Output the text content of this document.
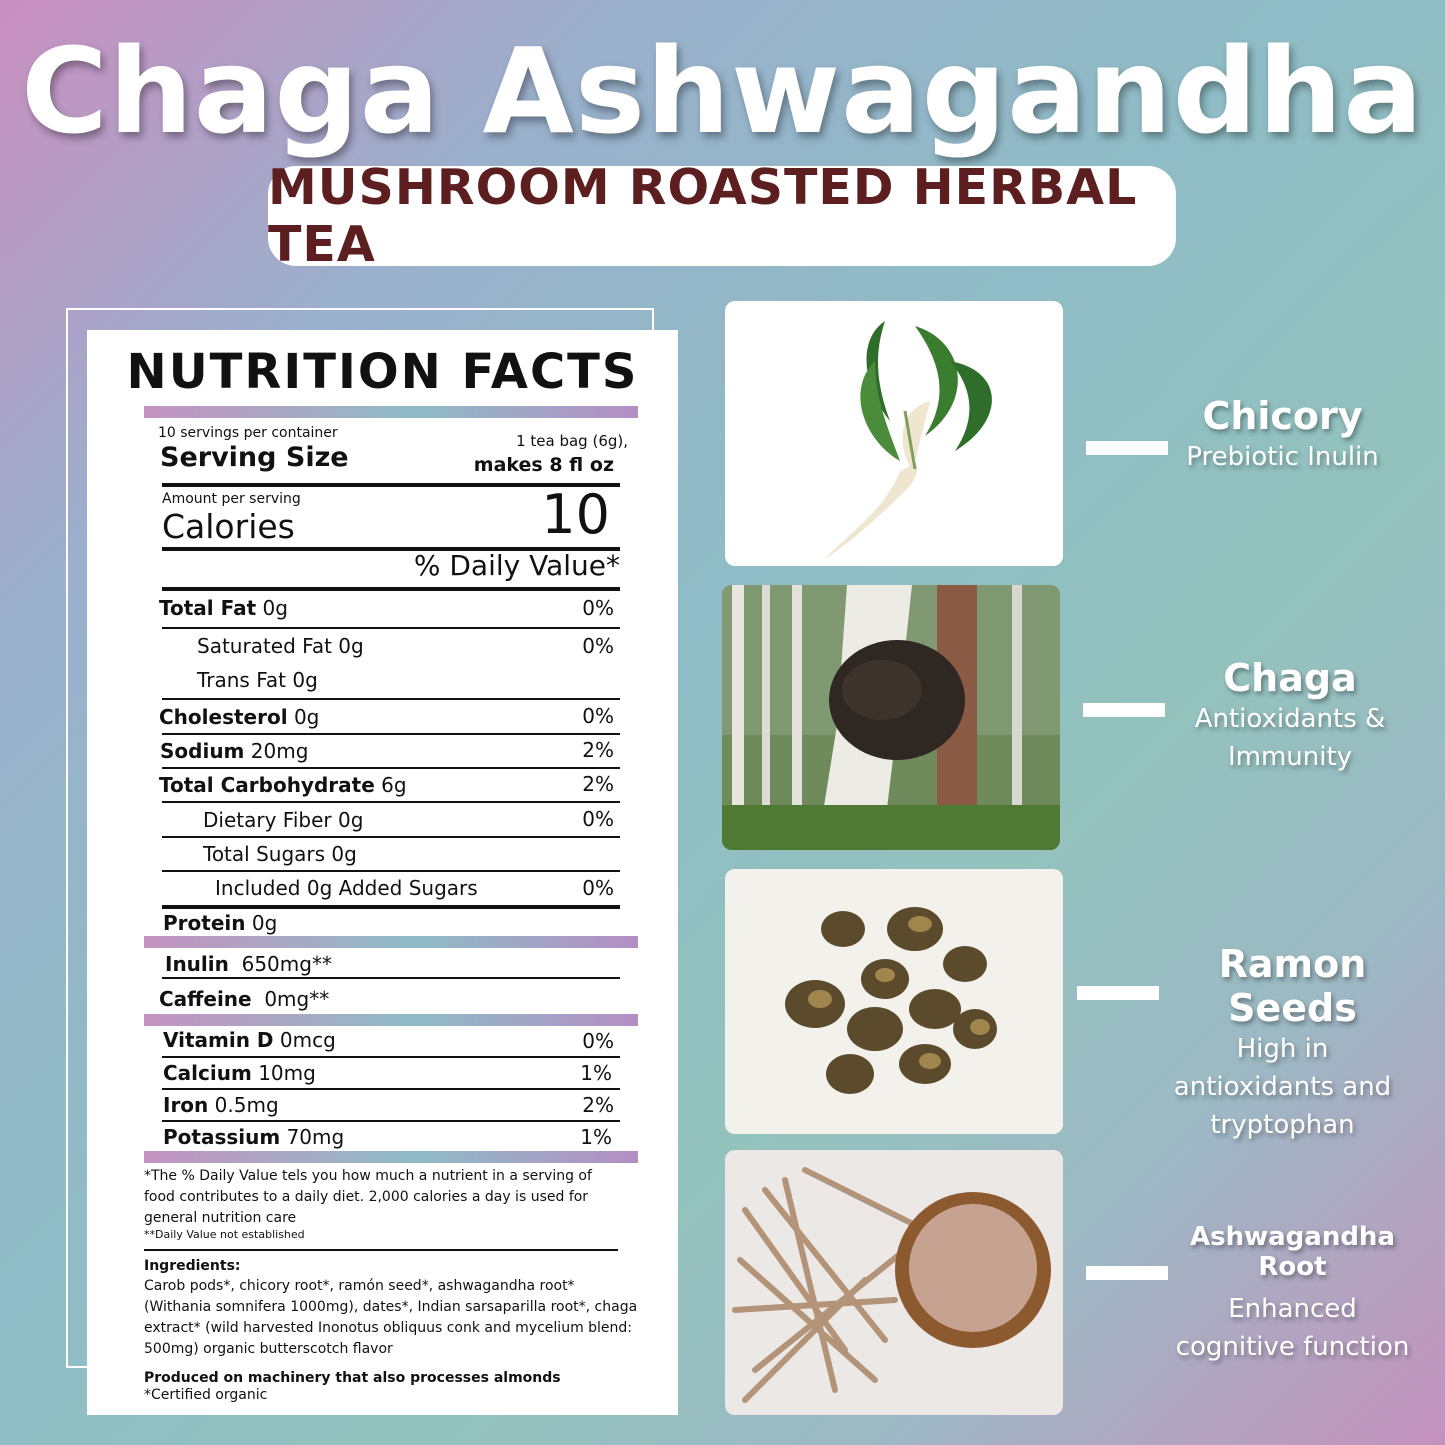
Chaga Ashwagandha
MUSHROOM ROASTED HERBAL TEA
NUTRITION FACTS
10 servings per container
Serving Size
1 tea bag (6g),
makes 8 fl oz
Amount per serving
Calories	10
% Daily Value*
Total Fat 0g	0%
Saturated Fat 0g	0%
Trans Fat 0g
Cholesterol 0g	0%
Sodium 20mg	2%
Total Carbohydrate 6g	2%
Dietary Fiber 0g	0%
Total Sugars 0g
Included 0g Added Sugars	0%
Protein 0g
Inulin 650mg**
Caffeine 0mg**
Vitamin D 0mcg	0%
Calcium 10mg	1%
Iron 0.5mg	2%
Potassium 70mg	1%
*The % Daily Value tels you how much a nutrient in a serving of food contributes to a daily diet. 2,000 calories a day is used for general nutrition care
**Daily Value not established
Ingredients:
Carob pods*, chicory root*, ramón seed*, ashwagandha root* (Withania somnifera 1000mg), dates*, Indian sarsaparilla root*, chaga extract* (wild harvested Inonotus obliquus conk and mycelium blend: 500mg) organic butterscotch flavor
Produced on machinery that also processes almonds
*Certified organic
Chicory
Prebiotic Inulin
Chaga
Antioxidants &
Immunity
Ramon Seeds
High in
antioxidants and
tryptophan
Ashwagandha Root
Enhanced
cognitive function
